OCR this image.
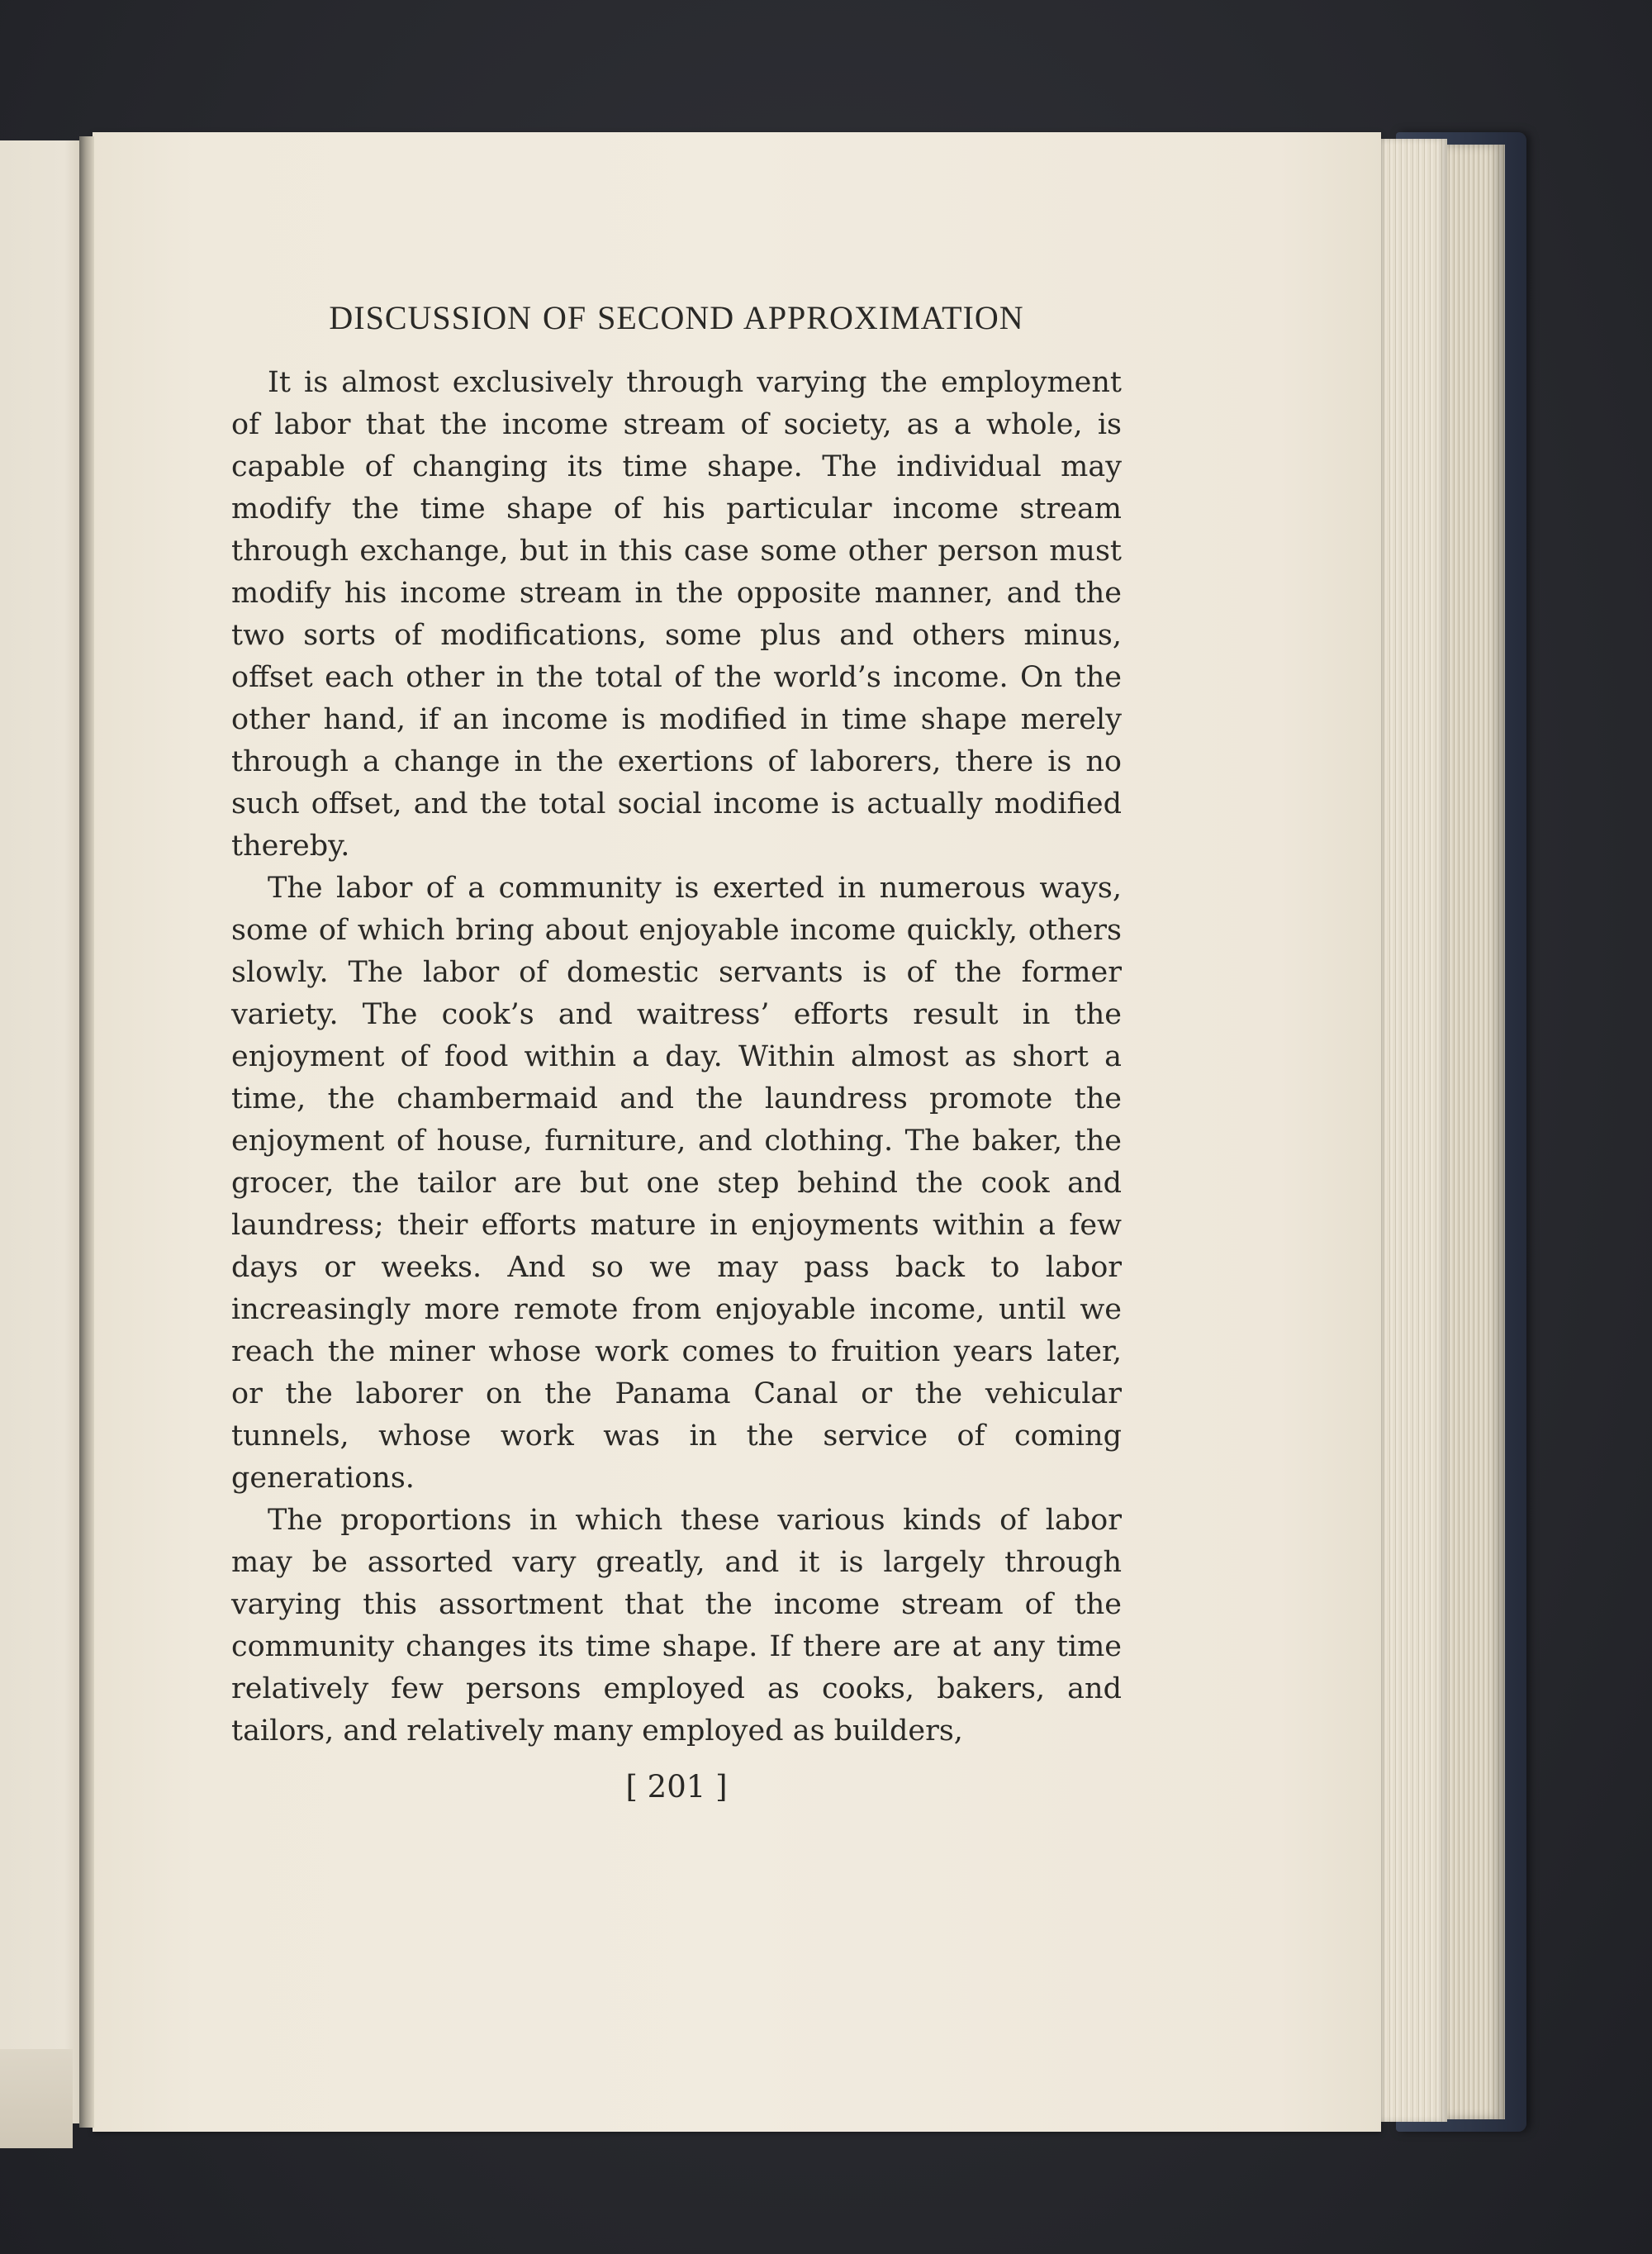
DISCUSSION OF SECOND APPROXIMATION

It is almost exclusively through varying the employment of labor that the income stream of society, as a whole, is capable of changing its time shape. The individual may modify the time shape of his particular income stream through exchange, but in this case some other person must modify his income stream in the opposite manner, and the two sorts of modifications, some plus and others minus, offset each other in the total of the world’s income. On the other hand, if an income is modified in time shape merely through a change in the exertions of laborers, there is no such offset, and the total social income is actually modified thereby.

The labor of a community is exerted in numerous ways, some of which bring about enjoyable income quickly, others slowly. The labor of domestic servants is of the former variety. The cook’s and waitress’ efforts result in the enjoyment of food within a day. Within almost as short a time, the chambermaid and the laundress promote the enjoyment of house, furniture, and clothing. The baker, the grocer, the tailor are but one step behind the cook and laundress; their efforts mature in enjoyments within a few days or weeks. And so we may pass back to labor increasingly more remote from enjoyable income, until we reach the miner whose work comes to fruition years later, or the laborer on the Panama Canal or the vehicular tunnels, whose work was in the service of coming generations.

The proportions in which these various kinds of labor may be assorted vary greatly, and it is largely through varying this assortment that the income stream of the community changes its time shape. If there are at any time relatively few persons employed as cooks, bakers, and tailors, and relatively many employed as builders,

[ 201 ]
